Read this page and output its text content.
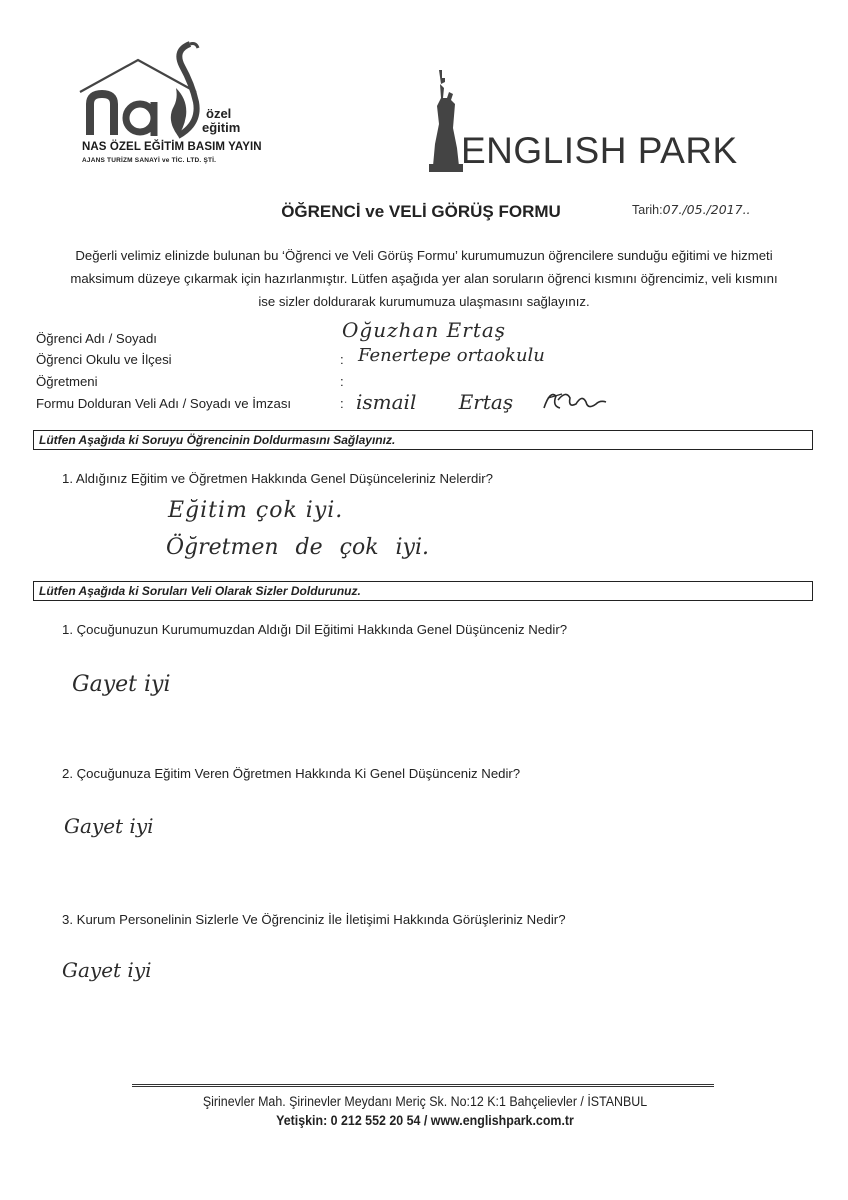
özel
eğitim
NAS ÖZEL EĞİTİM BASIM YAYIN
AJANS TURİZM SANAYİ ve TİC. LTD. ŞTİ.	ENGLISH PARK
ÖĞRENCİ ve VELİ GÖRÜŞ FORMU	Tarih:07./05./2017..

Değerli velimiz elinizde bulunan bu ‘Öğrenci ve Veli Görüş Formu’ kurumumuzun öğrencilere sunduğu eğitimi ve hizmeti

maksimum düzeye çıkarmak için hazırlanmıştır. Lütfen aşağıda yer alan soruların öğrenci kısmını öğrencimiz, veli kısmını

ise sizler doldurarak kurumumuza ulaşmasını sağlayınız.

Öğrenci Adı / Soyadı	Oğuzhan Ertaş
Öğrenci Okulu ve İlçesi	: Fenertepe ortaokulu
Öğretmeni	:
Formu Dolduran Veli Adı / Soyadı ve İmzası	: ismail Ertaş
Lütfen Aşağıda ki Soruyu Öğrencinin Doldurmasını Sağlayınız.
1. Aldığınız Eğitim ve Öğretmen Hakkında Genel Düşünceleriniz Nelerdir?
Eğitim çok iyi.
Öğretmen de çok iyi.
Lütfen Aşağıda ki Soruları Veli Olarak Sizler Doldurunuz.
1. Çocuğunuzun Kurumumuzdan Aldığı Dil Eğitimi Hakkında Genel Düşünceniz Nedir?
Gayet iyi
2. Çocuğunuza Eğitim Veren Öğretmen Hakkında Ki Genel Düşünceniz Nedir?
Gayet iyi
3. Kurum Personelinin Sizlerle Ve Öğrenciniz İle İletişimi Hakkında Görüşleriniz Nedir?
Gayet iyi
Şirinevler Mah. Şirinevler Meydanı Meriç Sk. No:12 K:1 Bahçelievler / İSTANBUL
Yetişkin: 0 212 552 20 54 / www.englishpark.com.tr
